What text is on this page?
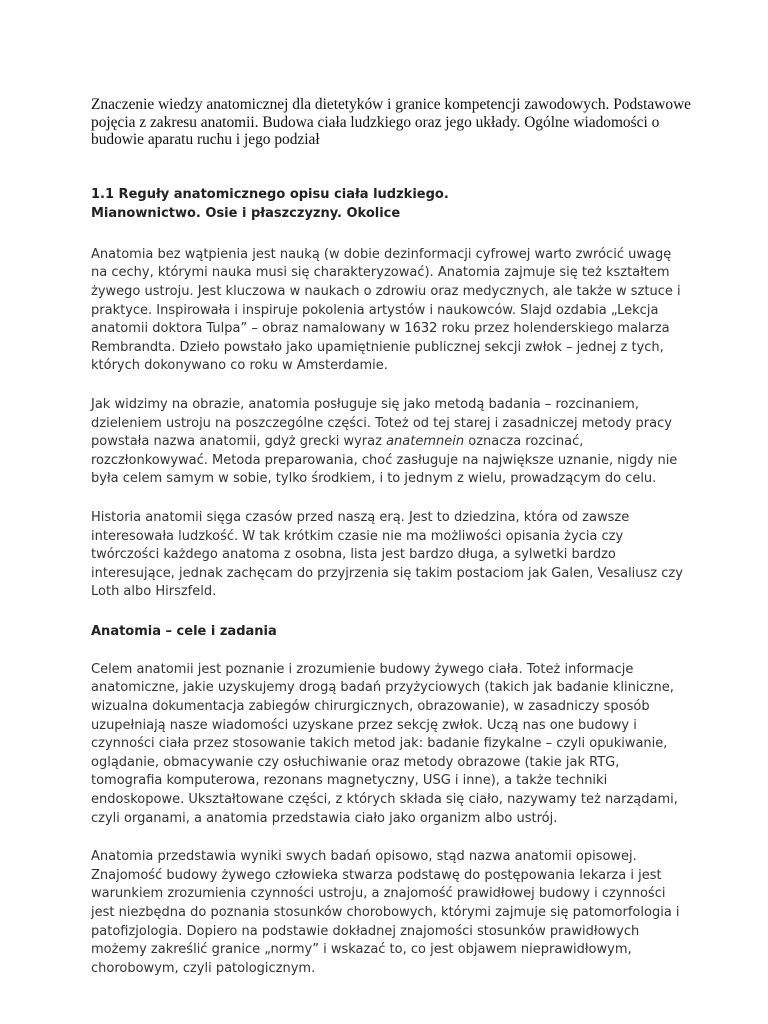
Znaczenie wiedzy anatomicznej dla dietetyków i granice kompetencji zawodowych. Podstawowe pojęcia z zakresu anatomii. Budowa ciała ludzkiego oraz jego układy. Ogólne wiadomości o budowie aparatu ruchu i jego podział
1.1 Reguły anatomicznego opisu ciała ludzkiego.
Mianownictwo. Osie i płaszczyzny. Okolice

Anatomia bez wątpienia jest nauką (w dobie dezinformacji cyfrowej warto zwrócić uwagę na cechy, którymi nauka musi się charakteryzować). Anatomia zajmuje się też kształtem żywego ustroju. Jest kluczowa w naukach o zdrowiu oraz medycznych, ale także w sztuce i praktyce. Inspirowała i inspiruje pokolenia artystów i naukowców. Slajd ozdabia „Lekcja anatomii doktora Tulpa” – obraz namalowany w 1632 roku przez holenderskiego malarza Rembrandta. Dzieło powstało jako upamiętnienie publicznej sekcji zwłok – jednej z tych, których dokonywano co roku w Amsterdamie.

Jak widzimy na obrazie, anatomia posługuje się jako metodą badania – rozcinaniem, dzieleniem ustroju na poszczególne części. Toteż od tej starej i zasadniczej metody pracy powstała nazwa anatomii, gdyż grecki wyraz anatemnein oznacza rozcinać, rozczłonkowywać. Metoda preparowania, choć zasługuje na największe uznanie, nigdy nie była celem samym w sobie, tylko środkiem, i to jednym z wielu, prowadzącym do celu.

Historia anatomii sięga czasów przed naszą erą. Jest to dziedzina, która od zawsze interesowała ludzkość. W tak krótkim czasie nie ma możliwości opisania życia czy twórczości każdego anatoma z osobna, lista jest bardzo długa, a sylwetki bardzo interesujące, jednak zachęcam do przyjrzenia się takim postaciom jak Galen, Vesaliusz czy Loth albo Hirszfeld.

Anatomia – cele i zadania

Celem anatomii jest poznanie i zrozumienie budowy żywego ciała. Toteż informacje anatomiczne, jakie uzyskujemy drogą badań przyżyciowych (takich jak badanie kliniczne, wizualna dokumentacja zabiegów chirurgicznych, obrazowanie), w zasadniczy sposób uzupełniają nasze wiadomości uzyskane przez sekcję zwłok. Uczą nas one budowy i czynności ciała przez stosowanie takich metod jak: badanie fizykalne – czyli opukiwanie, oglądanie, obmacywanie czy osłuchiwanie oraz metody obrazowe (takie jak RTG, tomografia komputerowa, rezonans magnetyczny, USG i inne), a także techniki endoskopowe. Ukształtowane części, z których składa się ciało, nazywamy też narządami, czyli organami, a anatomia przedstawia ciało jako organizm albo ustrój.

Anatomia przedstawia wyniki swych badań opisowo, stąd nazwa anatomii opisowej. Znajomość budowy żywego człowieka stwarza podstawę do postępowania lekarza i jest warunkiem zrozumienia czynności ustroju, a znajomość prawidłowej budowy i czynności jest niezbędna do poznania stosunków chorobowych, którymi zajmuje się patomorfologia i patofizjologia. Dopiero na podstawie dokładnej znajomości stosunków prawidłowych możemy zakreślić granice „normy” i wskazać to, co jest objawem nieprawidłowym, chorobowym, czyli patologicznym.
